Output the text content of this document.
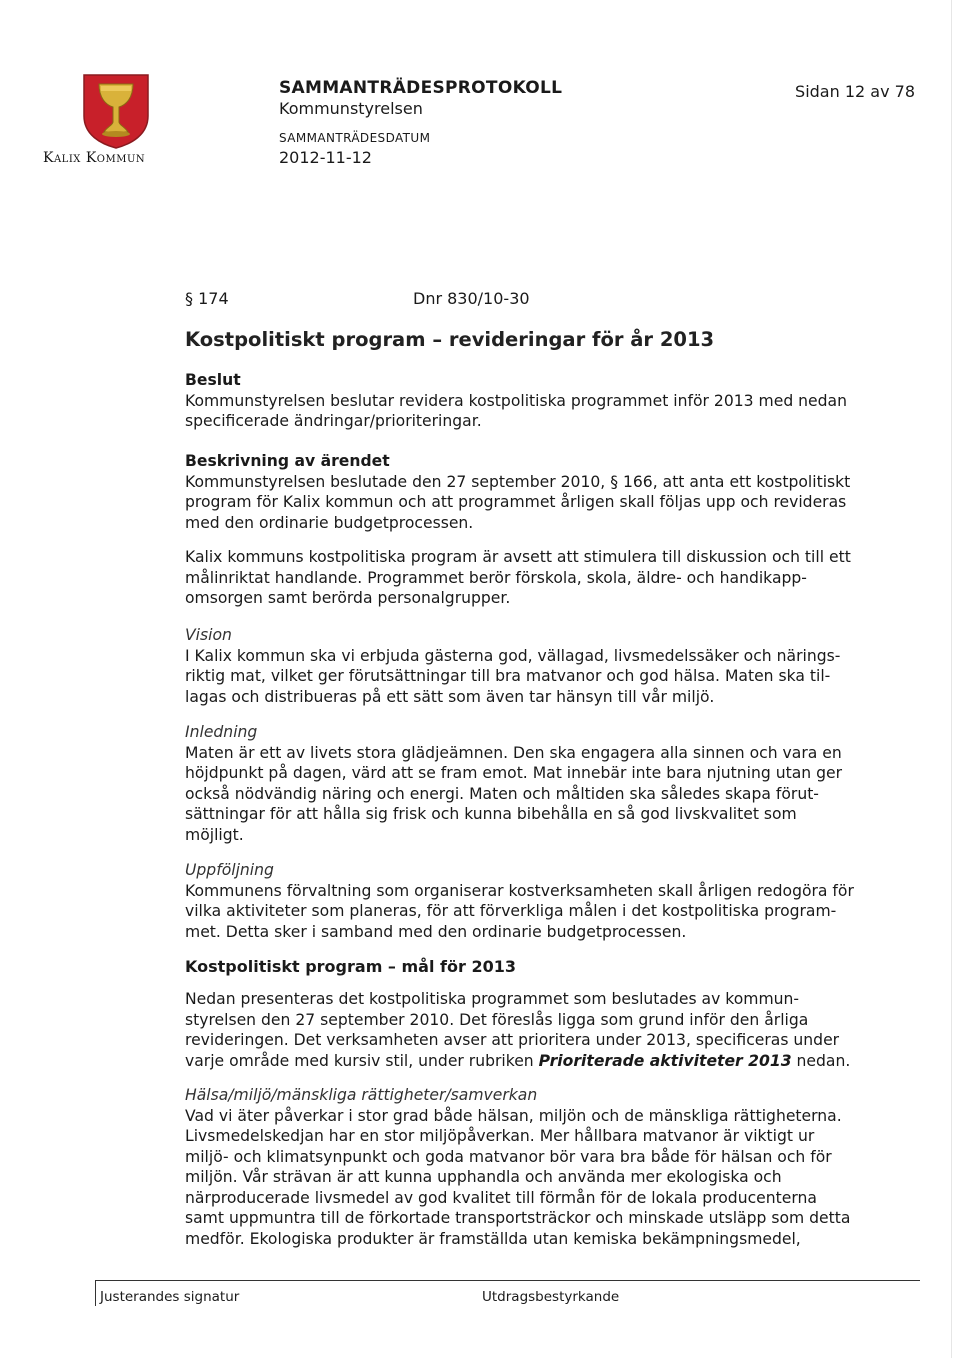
Kalix Kommun
SAMMANTRÄDESPROTOKOLL
Kommunstyrelsen
Sidan 12 av 78
SAMMANTRÄDESDATUM
2012-11-12
§ 174	Dnr 830/10-30
Kostpolitiskt program – revideringar för år 2013
Beslut
Kommunstyrelsen beslutar revidera kostpolitiska programmet inför 2013 med nedan
specificerade ändringar/prioriteringar.
Beskrivning av ärendet
Kommunstyrelsen beslutade den 27 september 2010, § 166, att anta ett kostpolitiskt
program för Kalix kommun och att programmet årligen skall följas upp och revideras
med den ordinarie budgetprocessen.
Kalix kommuns kostpolitiska program är avsett att stimulera till diskussion och till ett
målinriktat handlande. Programmet berör förskola, skola, äldre- och handikapp-
omsorgen samt berörda personalgrupper.
Vision
I Kalix kommun ska vi erbjuda gästerna god, vällagad, livsmedelssäker och närings-
riktig mat, vilket ger förutsättningar till bra matvanor och god hälsa. Maten ska til-
lagas och distribueras på ett sätt som även tar hänsyn till vår miljö.
Inledning
Maten är ett av livets stora glädjeämnen. Den ska engagera alla sinnen och vara en
höjdpunkt på dagen, värd att se fram emot. Mat innebär inte bara njutning utan ger
också nödvändig näring och energi. Maten och måltiden ska således skapa förut-
sättningar för att hålla sig frisk och kunna bibehålla en så god livskvalitet som
möjligt.
Uppföljning
Kommunens förvaltning som organiserar kostverksamheten skall årligen redogöra för
vilka aktiviteter som planeras, för att förverkliga målen i det kostpolitiska program-
met. Detta sker i samband med den ordinarie budgetprocessen.
Kostpolitiskt program – mål för 2013
Nedan presenteras det kostpolitiska programmet som beslutades av kommun-
styrelsen den 27 september 2010. Det föreslås ligga som grund inför den årliga
revideringen. Det verksamheten avser att prioritera under 2013, specificeras under
varje område med kursiv stil, under rubriken Prioriterade aktiviteter 2013 nedan.
Hälsa/miljö/mänskliga rättigheter/samverkan
Vad vi äter påverkar i stor grad både hälsan, miljön och de mänskliga rättigheterna.
Livsmedelskedjan har en stor miljöpåverkan. Mer hållbara matvanor är viktigt ur
miljö- och klimatsynpunkt och goda matvanor bör vara bra både för hälsan och för
miljön. Vår strävan är att kunna upphandla och använda mer ekologiska och
närproducerade livsmedel av god kvalitet till förmån för de lokala producenterna
samt uppmuntra till de förkortade transportsträckor och minskade utsläpp som detta
medför. Ekologiska produkter är framställda utan kemiska bekämpningsmedel,
Justerandes signatur	Utdragsbestyrkande
